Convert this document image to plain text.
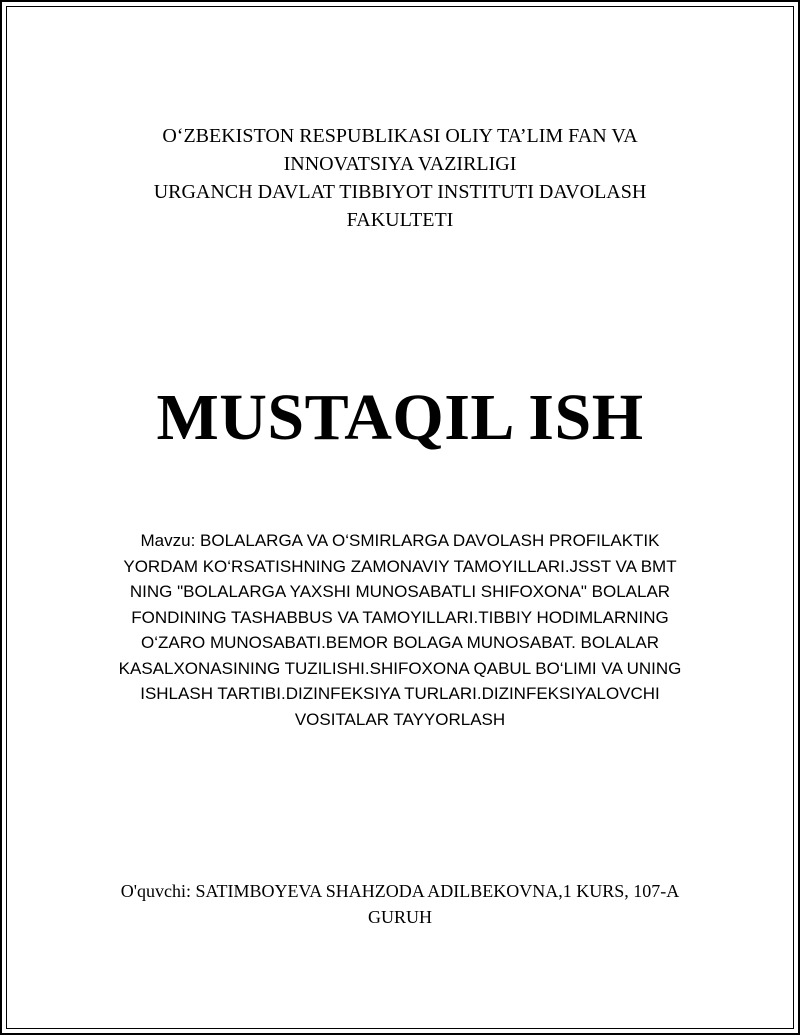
O‘ZBEKISTON RESPUBLIKASI OLIY TA’LIM FAN VA
INNOVATSIYA VAZIRLIGI
URGANCH DAVLAT TIBBIYOT INSTITUTI DAVOLASH
FAKULTETI
MUSTAQIL ISH
Mavzu: BOLALARGA VA O‘SMIRLARGA DAVOLASH PROFILAKTIK YORDAM KO‘RSATISHNING ZAMONAVIY TAMOYILLARI.JSST VA BMT NING "BOLALARGA YAXSHI MUNOSABATLI SHIFOXONA" BOLALAR FONDINING TASHABBUS VA TAMOYILLARI.TIBBIY HODIMLARNING O‘ZARO MUNOSABATI.BEMOR BOLAGA MUNOSABAT. BOLALAR KASALXONASINING TUZILISHI.SHIFOXONA QABUL BO‘LIMI VA UNING ISHLASH TARTIBI.DIZINFEKSIYA TURLARI.DIZINFEKSIYALOVCHI VOSITALAR TAYYORLASH
O'quvchi: SATIMBOYEVA SHAHZODA ADILBEKOVNA,1 KURS, 107-A GURUH
